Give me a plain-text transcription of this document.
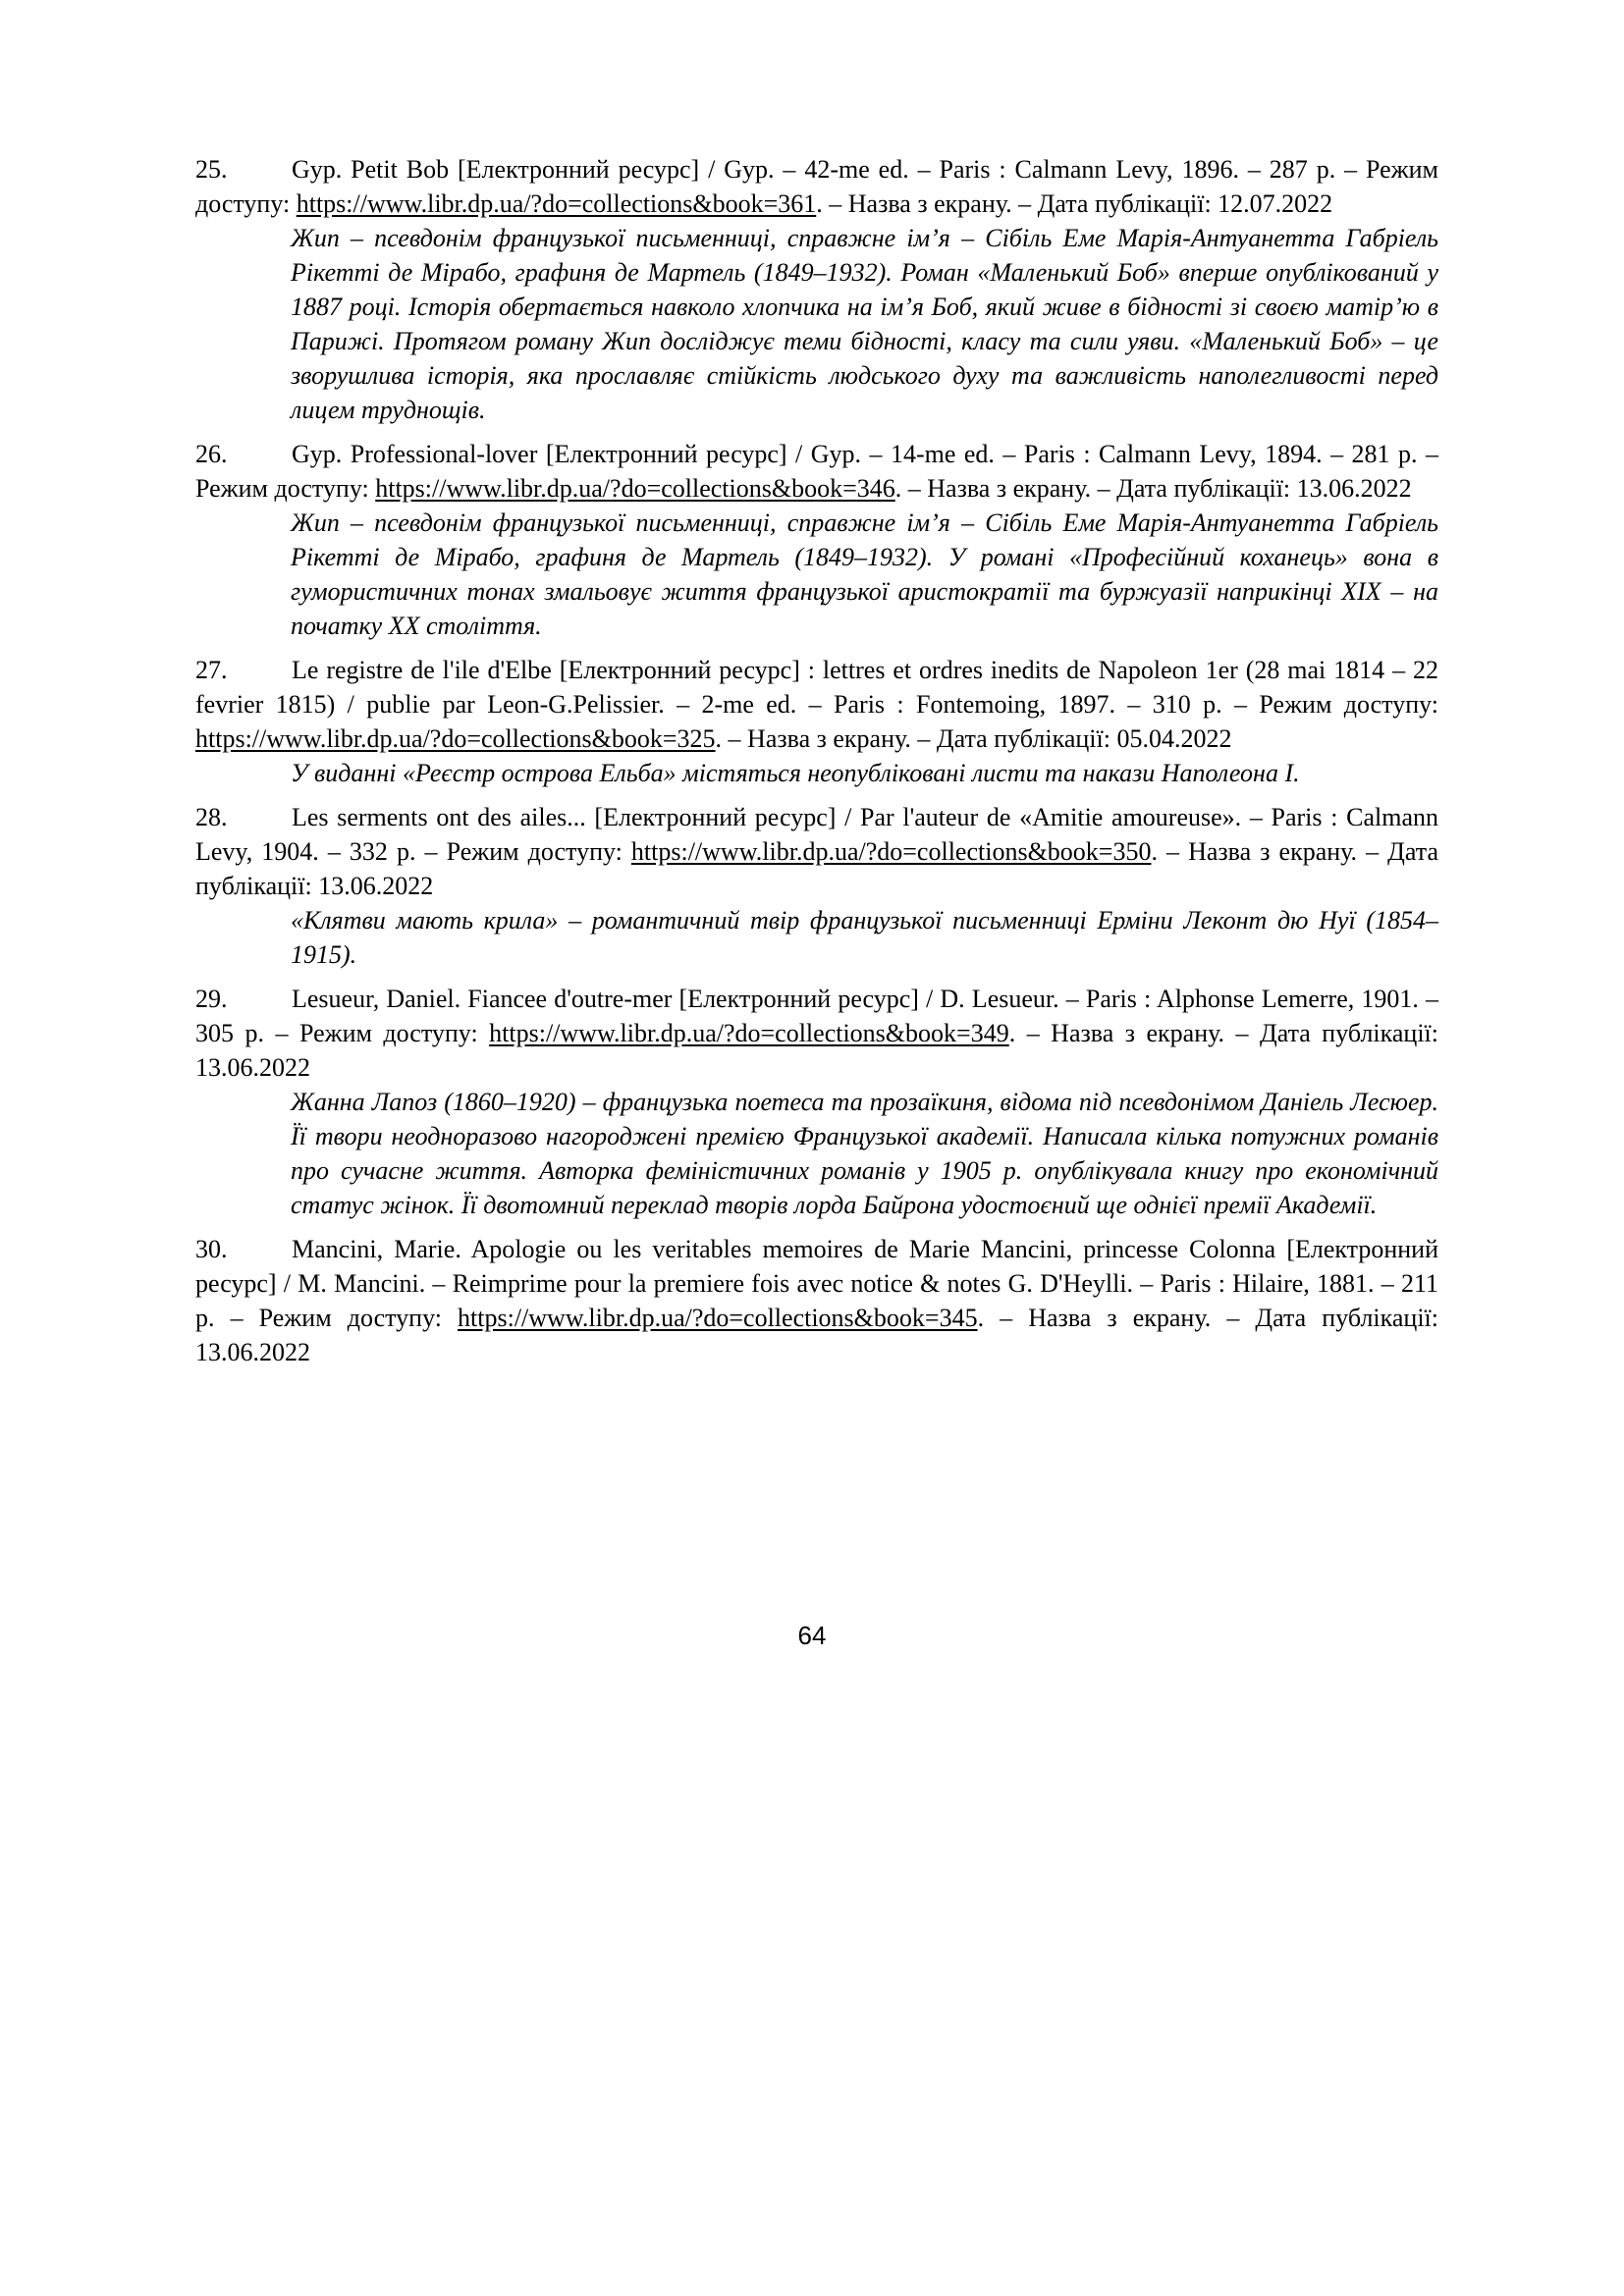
25.	Gyp. Petit Bob [Електронний ресурс] / Gyp. – 42-me ed. – Paris : Calmann Levy, 1896. – 287 p. – Режим доступу: https://www.libr.dp.ua/?do=collections&book=361. – Назва з екрану. – Дата публікації: 12.07.2022

Жип – псевдонім французької письменниці, справжне ім’я – Сібіль Еме Марія-Антуанетта Габріель Рікетті де Мірабо, графиня де Мартель (1849–1932). Роман «Маленький Боб» вперше опублікований у 1887 році. Історія обертається навколо хлопчика на ім’я Боб, який живе в бідності зі своєю матір’ю в Парижі. Протягом роману Жип досліджує теми бідності, класу та сили уяви. «Маленький Боб» – це зворушлива історія, яка прославляє стійкість людського духу та важливість наполегливості перед лицем труднощів.

26.	Gyp. Professional-lover [Електронний ресурс] / Gyp. – 14-me ed. – Paris : Calmann Levy, 1894. – 281 p. – Режим доступу: https://www.libr.dp.ua/?do=collections&book=346. – Назва з екрану. – Дата публікації: 13.06.2022

Жип – псевдонім французької письменниці, справжне ім’я – Сібіль Еме Марія-Антуанетта Габріель Рікетті де Мірабо, графиня де Мартель (1849–1932). У романі «Професійний коханець» вона в гумористичних тонах змальовує життя французької аристократії та буржуазії наприкінці XIX – на початку XX століття.

27.	Le registre de l'ile d'Elbe [Електронний ресурс] : lettres et ordres inedits de Napoleon 1er (28 mai 1814 – 22 fevrier 1815) / publie par Leon-G.Pelissier. – 2-me ed. – Paris : Fontemoing, 1897. – 310 p. – Режим доступу: https://www.libr.dp.ua/?do=collections&book=325. – Назва з екрану. – Дата публікації: 05.04.2022

У виданні «Реєстр острова Ельба» містяться неопубліковані листи та накази Наполеона І.

28.	Les serments ont des ailes... [Електронний ресурс] / Par l'auteur de «Amitie amoureuse». – Paris : Calmann Levy, 1904. – 332 p. – Режим доступу: https://www.libr.dp.ua/?do=collections&book=350. – Назва з екрану. – Дата публікації: 13.06.2022

«Клятви мають крила» – романтичний твір французької письменниці Ерміни Леконт дю Нуї (1854–1915).

29.	Lesueur, Daniel. Fiancee d'outre-mer [Електронний ресурс] / D. Lesueur. – Paris : Alphonse Lemerre, 1901. – 305 p. – Режим доступу: https://www.libr.dp.ua/?do=collections&book=349. – Назва з екрану. – Дата публікації: 13.06.2022

Жанна Лапоз (1860–1920) – французька поетеса та прозаїкиня, відома під псевдонімом Даніель Лесюер. Її твори неодноразово нагороджені премією Французької академії. Написала кілька потужних романів про сучасне життя. Авторка феміністичних романів у 1905 р. опублікувала книгу про економічний статус жінок. Її двотомний переклад творів лорда Байрона удостоєний ще однієї премії Академії.

30.	Mancini, Marie. Apologie ou les veritables memoires de Marie Mancini, princesse Colonna [Електронний ресурс] / M. Mancini. – Reimprime pour la premiere fois avec notice & notes G. D'Heylli. – Paris : Hilaire, 1881. – 211 p. – Режим доступу: https://www.libr.dp.ua/?do=collections&book=345. – Назва з екрану. – Дата публікації: 13.06.2022

64
